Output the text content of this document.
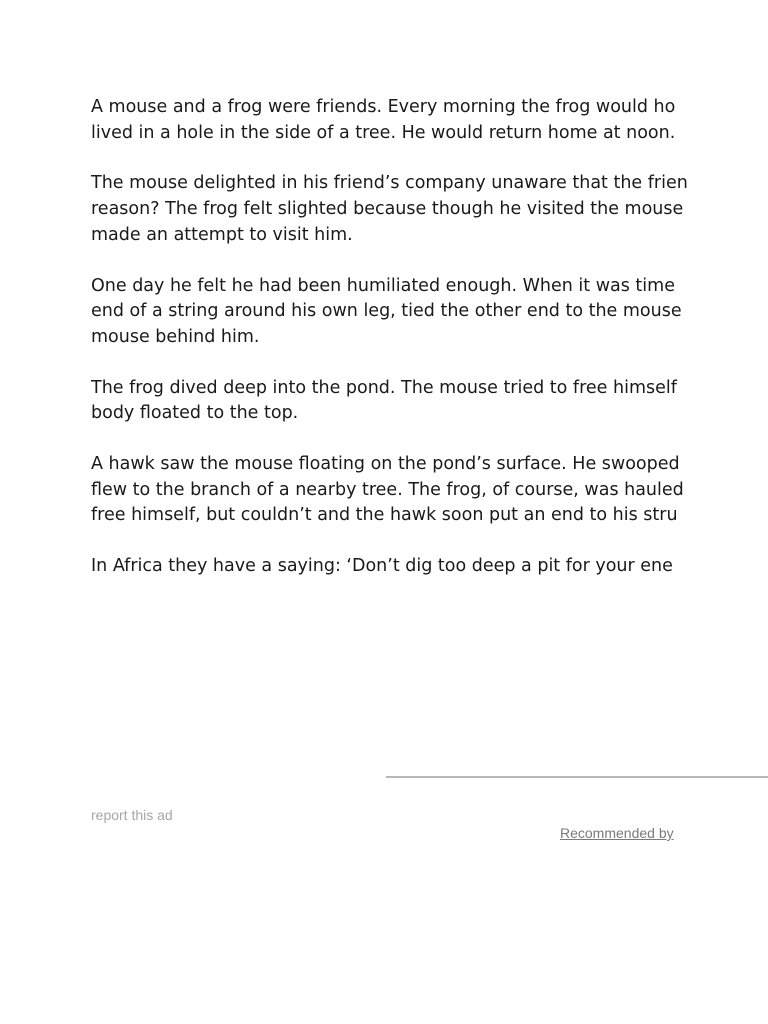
A mouse and a frog were friends. Every morning the frog would ho
lived in a hole in the side of a tree. He would return home at noon.

The mouse delighted in his friend’s company unaware that the frien
reason? The frog felt slighted because though he visited the mouse
made an attempt to visit him.

One day he felt he had been humiliated enough. When it was time
end of a string around his own leg, tied the other end to the mouse
mouse behind him.

The frog dived deep into the pond. The mouse tried to free himself
body floated to the top.

A hawk saw the mouse floating on the pond’s surface. He swooped
flew to the branch of a nearby tree. The frog, of course, was hauled
free himself, but couldn’t and the hawk soon put an end to his stru

In Africa they have a saying: ‘Don’t dig too deep a pit for your ene

report this ad
Recommended by
